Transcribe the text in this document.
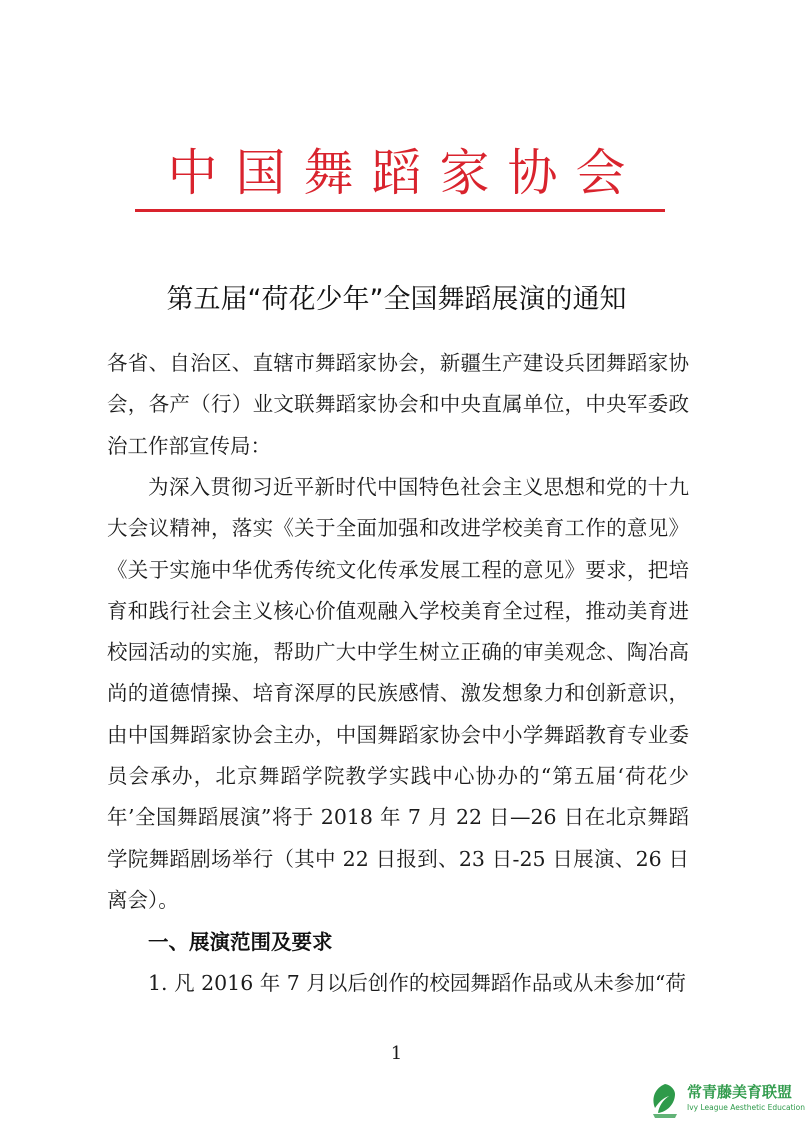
中国舞蹈家协会
第五届“荷花少年”全国舞蹈展演的通知
各省、自治区、直辖市舞蹈家协会，新疆生产建设兵团舞蹈家协会，各产（行）业文联舞蹈家协会和中央直属单位，中央军委政治工作部宣传局：
为深入贯彻习近平新时代中国特色社会主义思想和党的十九大会议精神，落实《关于全面加强和改进学校美育工作的意见》《关于实施中华优秀传统文化传承发展工程的意见》要求，把培育和践行社会主义核心价值观融入学校美育全过程，推动美育进校园活动的实施，帮助广大中学生树立正确的审美观念、陶冶高尚的道德情操、培育深厚的民族感情、激发想象力和创新意识，由中国舞蹈家协会主办，中国舞蹈家协会中小学舞蹈教育专业委员会承办，北京舞蹈学院教学实践中心协办的“第五届‘荷花少年’全国舞蹈展演”将于 2018 年 7 月 22 日—26 日在北京舞蹈学院舞蹈剧场举行（其中 22 日报到、23 日-25 日展演、26 日离会）。
一、展演范围及要求
1. 凡 2016 年 7 月以后创作的校园舞蹈作品或从未参加“荷
1
常青藤美育联盟
Ivy League Aesthetic Education
